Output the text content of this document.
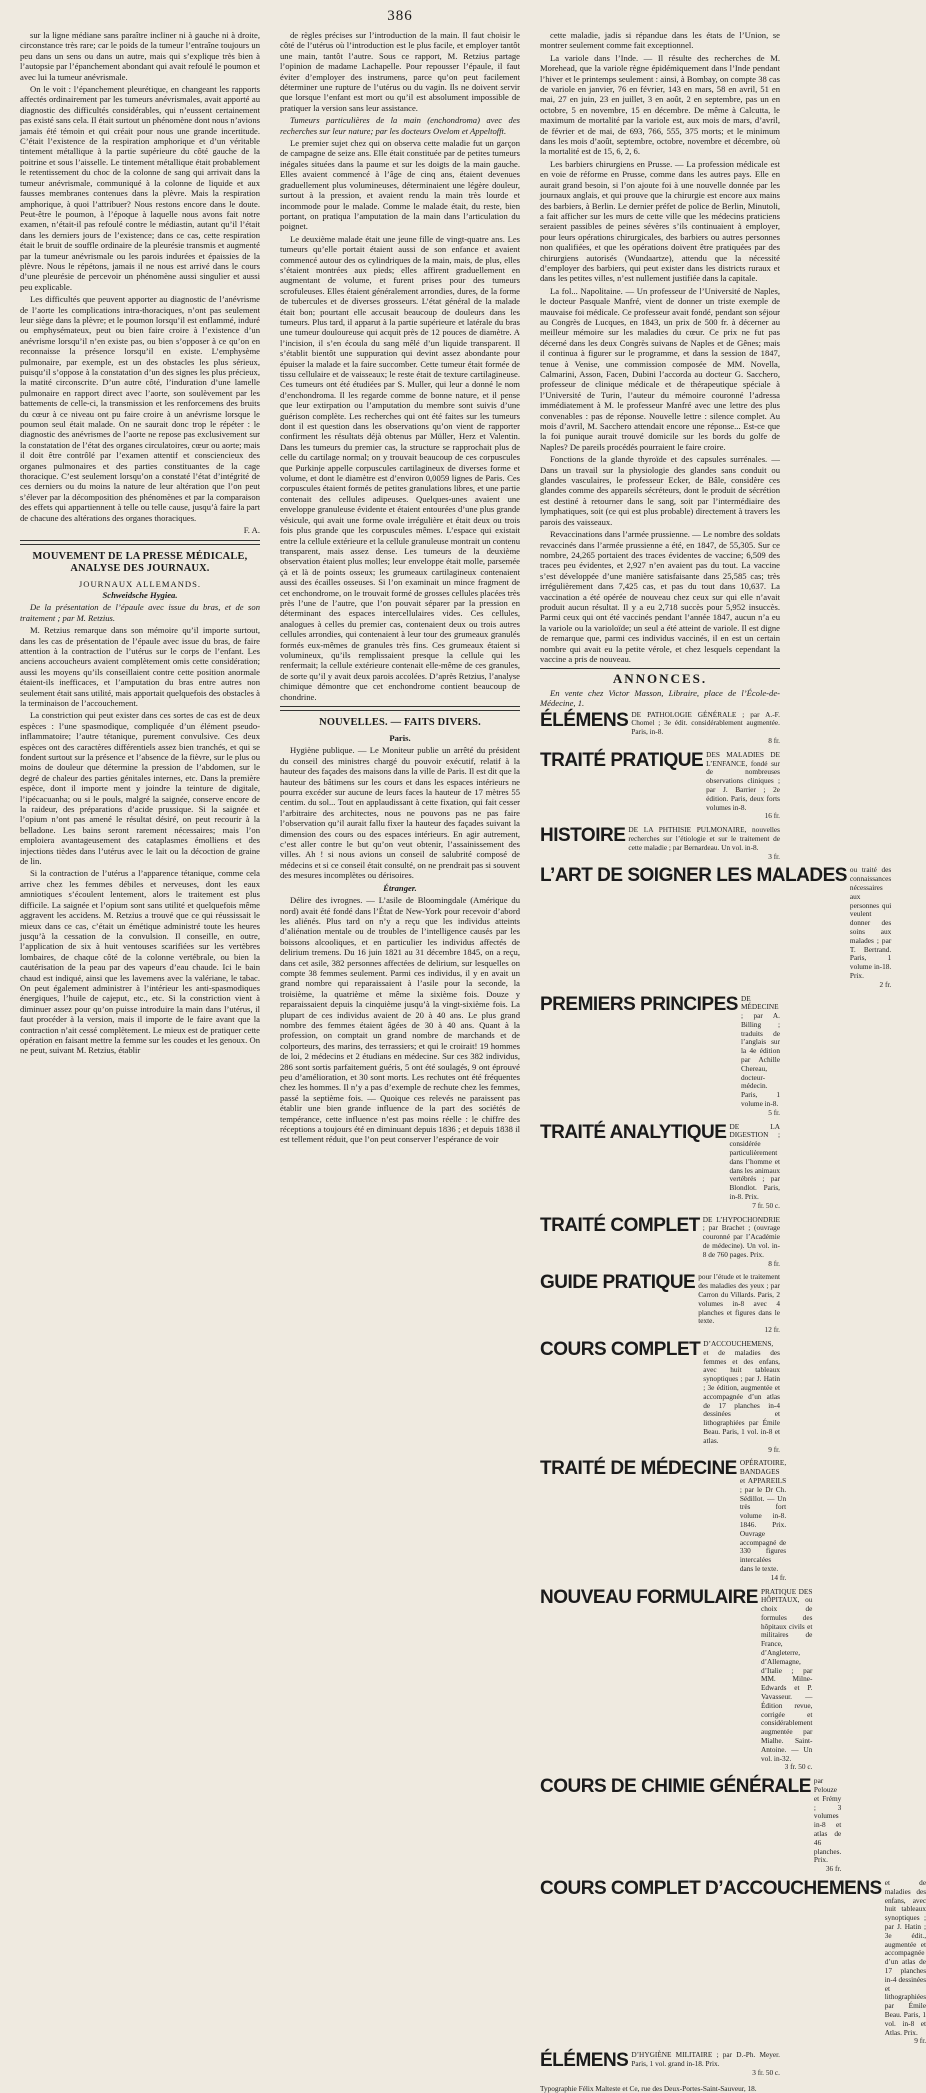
386

sur la ligne médiane sans paraître incliner ni à gauche ni à droite, circonstance très rare; car le poids de la tumeur l’entraîne toujours un peu dans un sens ou dans un autre, mais qui s’explique très bien à l’autopsie par l’épanchement abondant qui avait refoulé le poumon et avec lui la tumeur anévrismale.

On le voit : l’épanchement pleurétique, en changeant les rapports affectés ordinairement par les tumeurs anévrismales, avait apporté au diagnostic des difficultés considérables, qui n’eussent certainement pas existé sans cela. Il était surtout un phénomène dont nous n’avions jamais été témoin et qui créait pour nous une grande incertitude. C’était l’existence de la respiration amphorique et d’un véritable tintement métallique à la partie supérieure du côté gauche de la poitrine et sous l’aisselle. Le tintement métallique était probablement le retentissement du choc de la colonne de sang qui arrivait dans la tumeur anévrismale, communiqué à la colonne de liquide et aux fausses membranes contenues dans la plèvre. Mais la respiration amphorique, à quoi l’attribuer? Nous restons encore dans le doute. Peut-être le poumon, à l’époque à laquelle nous avons fait notre examen, n’était-il pas refoulé contre le médiastin, autant qu’il l’était dans les derniers jours de l’existence; dans ce cas, cette respiration était le bruit de souffle ordinaire de la pleurésie transmis et augmenté par la tumeur anévrismale ou les parois indurées et épaissies de la plèvre. Nous le répétons, jamais il ne nous est arrivé dans le cours d’une pleurésie de percevoir un phénomène aussi singulier et aussi peu explicable.

Les difficultés que peuvent apporter au diagnostic de l’anévrisme de l’aorte les complications intra-thoraciques, n’ont pas seulement leur siège dans la plèvre; et le poumon lorsqu’il est enflammé, induré ou emphysémateux, peut ou bien faire croire à l’existence d’un anévrisme lorsqu’il n’en existe pas, ou bien s’opposer à ce qu’on en reconnaisse la présence lorsqu’il en existe. L’emphysème pulmonaire, par exemple, est un des obstacles les plus sérieux, puisqu’il s’oppose à la constatation d’un des signes les plus précieux, la matité circonscrite. D’un autre côté, l’induration d’une lamelle pulmonaire en rapport direct avec l’aorte, son soulèvement par les battements de celle-ci, la transmission et les renforcemens des bruits du cœur à ce niveau ont pu faire croire à un anévrisme lorsque le poumon seul était malade. On ne saurait donc trop le répéter : le diagnostic des anévrismes de l’aorte ne repose pas exclusivement sur la constatation de l’état des organes circulatoires, cœur ou aorte; mais il doit être contrôlé par l’examen attentif et consciencieux des organes pulmonaires et des parties constituantes de la cage thoracique. C’est seulement lorsqu’on a constaté l’état d’intégrité de ces derniers ou du moins la nature de leur altération que l’on peut s’élever par la décomposition des phénomènes et par la comparaison des effets qui appartiennent à telle ou telle cause, jusqu’à faire la part de chacune des altérations des organes thoraciques.

F. A.
MOUVEMENT DE LA PRESSE MÉDICALE, ANALYSE DES JOURNAUX.
JOURNAUX ALLEMANDS.
Schweidsche Hygiea.

De la présentation de l’épaule avec issue du bras, et de son traitement ; par M. Retzius.

M. Retzius remarque dans son mémoire qu’il importe surtout, dans les cas de présentation de l’épaule avec issue du bras, de faire attention à la contraction de l’utérus sur le corps de l’enfant. Les anciens accoucheurs avaient complètement omis cette considération; aussi les moyens qu’ils conseillaient contre cette position anormale étaient-ils inefficaces, et l’amputation du bras entre autres non seulement était sans utilité, mais apportait quelquefois des obstacles à la terminaison de l’accouchement.

La constriction qui peut exister dans ces sortes de cas est de deux espèces : l’une spasmodique, compliquée d’un élément pseudo-inflammatoire; l’autre tétanique, purement convulsive. Ces deux espèces ont des caractères différentiels assez bien tranchés, et qui se fondent surtout sur la présence et l’absence de la fièvre, sur le plus ou moins de douleur que détermine la pression de l’abdomen, sur le degré de chaleur des parties génitales internes, etc. Dans la première espèce, dont il importe ment y joindre la teinture de digitale, l’ipécacuanha; ou si le pouls, malgré la saignée, conserve encore de la raideur, des préparations d’acide prussique. Si la saignée et l’opium n’ont pas amené le résultat désiré, on peut recourir à la belladone. Les bains seront rarement nécessaires; mais l’on emploiera avantageusement des cataplasmes émolliens et des injections tièdes dans l’utérus avec le lait ou la décoction de graine de lin.

Si la contraction de l’utérus a l’apparence tétanique, comme cela arrive chez les femmes débiles et nerveuses, dont les eaux amniotiques s’écoulent lentement, alors le traitement est plus difficile. La saignée et l’opium sont sans utilité et quelquefois même aggravent les accidens. M. Retzius a trouvé que ce qui réussissait le mieux dans ce cas, c’était un émétique administré toute les heures jusqu’à la cessation de la convulsion. Il conseille, en outre, l’application de six à huit ventouses scarifiées sur les vertèbres lombaires, de chaque côté de la colonne vertébrale, ou bien la cautérisation de la peau par des vapeurs d’eau chaude. Ici le bain chaud est indiqué, ainsi que les lavemens avec la valériane, le tabac. On peut également administrer à l’intérieur les anti-spasmodiques énergiques, l’huile de cajeput, etc., etc. Si la constriction vient à diminuer assez pour qu’on puisse introduire la main dans l’utérus, il faut procéder à la version, mais il importe de le faire avant que la contraction n’ait cessé complètement. Le mieux est de pratiquer cette opération en faisant mettre la femme sur les coudes et les genoux. On ne peut, suivant M. Retzius, établir

de règles précises sur l’introduction de la main. Il faut choisir le côté de l’utérus où l’introduction est le plus facile, et employer tantôt une main, tantôt l’autre. Sous ce rapport, M. Retzius partage l’opinion de madame Lachapelle. Pour repousser l’épaule, il faut éviter d’employer des instrumens, parce qu’on peut facilement déterminer une rupture de l’utérus ou du vagin. Ils ne doivent servir que lorsque l’enfant est mort ou qu’il est absolument impossible de pratiquer la version sans leur assistance.

Tumeurs particulières de la main (enchondroma) avec des recherches sur leur nature; par les docteurs Ovelom et Appeltofft.

Le premier sujet chez qui on observa cette maladie fut un garçon de campagne de seize ans. Elle était constituée par de petites tumeurs inégales situées dans la paume et sur les doigts de la main gauche. Elles avaient commencé à l’âge de cinq ans, étaient devenues graduellement plus volumineuses, déterminaient une légère douleur, surtout à la pression, et avaient rendu la main très lourde et incommode pour le malade. Comme le malade était, du reste, bien portant, on pratiqua l’amputation de la main dans l’articulation du poignet.

Le deuxième malade était une jeune fille de vingt-quatre ans. Les tumeurs qu’elle portait étaient aussi de son enfance et avaient commencé autour des os cylindriques de la main, mais, de plus, elles s’étaient montrées aux pieds; elles affirent graduellement en augmentant de volume, et furent prises pour des tumeurs scrofuleuses. Elles étaient généralement arrondies, dures, de la forme de tubercules et de diverses grosseurs. L’état général de la malade était bon; pourtant elle accusait beaucoup de douleurs dans les tumeurs. Plus tard, il apparut à la partie supérieure et latérale du bras une tumeur douloureuse qui acquit près de 12 pouces de diamètre. A l’incision, il s’en écoula du sang mêlé d’un liquide transparent. Il s’établit bientôt une suppuration qui devint assez abondante pour épuiser la malade et la faire succomber. Cette tumeur était formée de tissu cellulaire et de vaisseaux; le reste était de texture cartilagineuse. Ces tumeurs ont été étudiées par S. Muller, qui leur a donné le nom d’enchondroma. Il les regarde comme de bonne nature, et il pense que leur extirpation ou l’amputation du membre sont suivis d’une guérison complète. Les recherches qui ont été faites sur les tumeurs dont il est question dans les observations qu’on vient de rapporter confirment les résultats déjà obtenus par Müller, Herz et Valentin. Dans les tumeurs du premier cas, la structure se rapprochait plus de celle du cartilage normal; on y trouvait beaucoup de ces corpuscules que Purkinje appelle corpuscules cartilagineux de diverses forme et volume, et dont le diamètre est d’environ 0,0059 lignes de Paris. Ces corpuscules étaient formés de petites granulations libres, et une partie contenait des cellules adipeuses. Quelques-unes avaient une enveloppe granuleuse évidente et étaient entourées d’une plus grande vésicule, qui avait une forme ovale irrégulière et était deux ou trois fois plus grande que les corpuscules mêmes. L’espace qui existait entre la cellule extérieure et la cellule granuleuse montrait un contenu transparent, mais assez dense. Les tumeurs de la deuxième observation étaient plus molles; leur enveloppe était molle, parsemée çà et là de points osseux; les grumeaux cartilagineux contenaient aussi des écailles osseuses. Si l’on examinait un mince fragment de cet enchondrome, on le trouvait formé de grosses cellules placées très près l’une de l’autre, que l’on pouvait séparer par la pression en déterminant des espaces intercellulaires vides. Ces cellules, analogues à celles du premier cas, contenaient deux ou trois autres cellules arrondies, qui contenaient à leur tour des grumeaux granulés formés eux-mêmes de granules très fins. Ces grumeaux étaient si volumineux, qu’ils remplissaient presque la cellule qui les renfermait; la cellule extérieure contenait elle-même de ces granules, de sorte qu’il y avait deux parois accolées. D’après Retzius, l’analyse chimique démontre que cet enchondrome contient beaucoup de chondrine.

NOUVELLES. — FAITS DIVERS.
Paris.

Hygiène publique. — Le Moniteur publie un arrêté du président du conseil des ministres chargé du pouvoir exécutif, relatif à la hauteur des façades des maisons dans la ville de Paris. Il est dit que la hauteur des bâtimens sur les cours et dans les espaces intérieurs ne pourra excéder sur aucune de leurs faces la hauteur de 17 mètres 55 centim. du sol... Tout en applaudissant à cette fixation, qui fait cesser l’arbitraire des architectes, nous ne pouvons pas ne pas faire l’observation qu’il aurait fallu fixer la hauteur des façades suivant la dimension des cours ou des espaces intérieurs. En agir autrement, c’est aller contre le but qu’on veut obtenir, l’assainissement des villes. Ah ! si nous avions un conseil de salubrité composé de médecins et si ce conseil était consulté, on ne prendrait pas si souvent des mesures incomplètes ou dérisoires.

Étranger.

Délire des ivrognes. — L’asile de Bloomingdale (Amérique du nord) avait été fondé dans l’État de New-York pour recevoir d’abord les aliénés. Plus tard on n’y a reçu que les individus atteints d’aliénation mentale ou de troubles de l’intelligence causés par les boissons alcooliques, et en particulier les individus affectés de delirium tremens. Du 16 juin 1821 au 31 décembre 1845, on a reçu, dans cet asile, 382 personnes affectées de delirium, sur lesquelles on compte 38 femmes seulement. Parmi ces individus, il y en avait un grand nombre qui reparaissaient à l’asile pour la seconde, la troisième, la quatrième et même la sixième fois. Douze y reparaissaient depuis la cinquième jusqu’à la vingt-sixième fois. La plupart de ces individus avaient de 20 à 40 ans. Le plus grand nombre des femmes étaient âgées de 30 à 40 ans. Quant à la profession, on comptait un grand nombre de marchands et de colporteurs, des marins, des terrassiers; et qui le croirait! 19 hommes de loi, 2 médecins et 2 étudians en médecine. Sur ces 382 individus, 286 sont sortis parfaitement guéris, 5 ont été soulagés, 9 ont éprouvé peu d’amélioration, et 30 sont morts. Les rechutes ont été fréquentes chez les hommes. Il n’y a pas d’exemple de rechute chez les femmes, passé la septième fois. — Quoique ces relevés ne paraissent pas établir une bien grande influence de la part des sociétés de tempérance, cette influence n’est pas moins réelle : le chiffre des réceptions a toujours été en diminuant depuis 1836 ; et depuis 1838 il est tellement réduit, que l’on peut conserver l’espérance de voir

cette maladie, jadis si répandue dans les états de l’Union, se montrer seulement comme fait exceptionnel.

La variole dans l’Inde. — Il résulte des recherches de M. Morehead, que la variole règne épidémiquement dans l’Inde pendant l’hiver et le printemps seulement : ainsi, à Bombay, on compte 38 cas de variole en janvier, 76 en février, 143 en mars, 58 en avril, 51 en mai, 27 en juin, 23 en juillet, 3 en août, 2 en septembre, pas un en octobre, 5 en novembre, 15 en décembre. De même à Calcutta, le maximum de mortalité par la variole est, aux mois de mars, d’avril, de février et de mai, de 693, 766, 555, 375 morts; et le minimum dans les mois d’août, septembre, octobre, novembre et décembre, où la mortalité est de 15, 6, 2, 6.

Les barbiers chirurgiens en Prusse. — La profession médicale est en voie de réforme en Prusse, comme dans les autres pays. Elle en aurait grand besoin, si l’on ajoute foi à une nouvelle donnée par les journaux anglais, et qui prouve que la chirurgie est encore aux mains des barbiers, à Berlin. Le dernier préfet de police de Berlin, Minutoli, a fait afficher sur les murs de cette ville que les médecins praticiens seraient passibles de peines sévères s’ils continuaient à employer, pour leurs opérations chirurgicales, des barbiers ou autres personnes non qualifiées, et que les opérations doivent être pratiquées par des chirurgiens autorisés (Wundaartze), attendu que la nécessité d’employer des barbiers, qui peut exister dans les districts ruraux et dans les petites villes, n’est nullement justifiée dans la capitale.

La fol... Napolitaine. — Un professeur de l’Université de Naples, le docteur Pasquale Manfré, vient de donner un triste exemple de mauvaise foi médicale. Ce professeur avait fondé, pendant son séjour au Congrès de Lucques, en 1843, un prix de 500 fr. à décerner au meilleur mémoire sur les maladies du cœur. Ce prix ne fut pas décerné dans les deux Congrès suivans de Naples et de Gênes; mais il continua à figurer sur le programme, et dans la session de 1847, tenue à Venise, une commission composée de MM. Novella, Calmarini, Asson, Facen, Dubini l’accorda au docteur G. Sacchero, professeur de clinique médicale et de thérapeutique spéciale à l’Université de Turin, l’auteur du mémoire couronné l’adressa immédiatement à M. le professeur Manfré avec une lettre des plus convenables : pas de réponse. Nouvelle lettre : silence complet. Au mois d’avril, M. Sacchero attendait encore une réponse... Est-ce que la foi punique aurait trouvé domicile sur les bords du golfe de Naples? De pareils procédés pourraient le faire croire.

Fonctions de la glande thyroïde et des capsules surrénales. — Dans un travail sur la physiologie des glandes sans conduit ou glandes vasculaires, le professeur Ecker, de Bâle, considère ces glandes comme des appareils sécréteurs, dont le produit de sécrétion est destiné à retourner dans le sang, soit par l’intermédiaire des lymphatiques, soit (ce qui est plus probable) directement à travers les parois des vaisseaux.

Revaccinations dans l’armée prussienne. — Le nombre des soldats revaccinés dans l’armée prussienne a été, en 1847, de 55,305. Sur ce nombre, 24,265 portaient des traces évidentes de vaccine; 6,509 des traces peu évidentes, et 2,927 n’en avaient pas du tout. La vaccine s’est développée d’une manière satisfaisante dans 25,585 cas; très irrégulièrement dans 7,425 cas, et pas du tout dans 10,637. La vaccination a été opérée de nouveau chez ceux sur qui elle n’avait produit aucun résultat. Il y a eu 2,718 succès pour 5,952 insuccès. Parmi ceux qui ont été vaccinés pendant l’année 1847, aucun n’a eu la variole ou la varioloïde; un seul a été atteint de variole. Il est digne de remarque que, parmi ces individus vaccinés, il en est un certain nombre qui avait eu la petite vérole, et chez lesquels cependant la vaccine a pris de nouveau.

ANNONCES.

En vente chez Victor Masson, Libraire, place de l’École-de-Médecine, 1.

ÉLÉMENS DE PATHOLOGIE GÉNÉRALE ; par A.-F. Chomel ; 3e édit. considérablement augmentée. Paris, in-8.
8 fr.
TRAITÉ PRATIQUE DES MALADIES DE L’ENFANCE, fondé sur de nombreuses observations cliniques ; par J. Barrier ; 2e édition. Paris, deux forts volumes in-8.
16 fr.
HISTOIRE DE LA PHTHISIE PULMONAIRE, nouvelles recherches sur l’étiologie et sur le traitement de cette maladie ; par Bernardeau. Un vol. in-8.
3 fr.
L’ART DE SOIGNER LES MALADES ou traité des connaissances nécessaires aux personnes qui veulent donner des soins aux malades ; par T. Bertrand. Paris, 1 volume in-18. Prix.
2 fr.
PREMIERS PRINCIPES DE MÉDECINE ; par A. Billing ; traduits de l’anglais sur la 4e édition par Achille Chereau, docteur-médecin. Paris, 1 volume in-8.
5 fr.
TRAITÉ ANALYTIQUE DE LA DIGESTION ; considérée particulièrement dans l’homme et dans les animaux vertébrés ; par Blondlot. Paris, in-8. Prix.
7 fr. 50 c.
TRAITÉ COMPLET DE L’HYPOCHONDRIE ; par Brachet ; (ouvrage couronné par l’Académie de médecine). Un vol. in-8 de 760 pages. Prix.
8 fr.
GUIDE PRATIQUE pour l’étude et le traitement des maladies des yeux ; par Carron du Villards. Paris, 2 volumes in-8 avec 4 planches et figures dans le texte.
12 fr.
COURS COMPLET D’ACCOUCHEMENS, et de maladies des femmes et des enfans, avec huit tableaux synoptiques ; par J. Hatin ; 3e édition, augmentée et accompagnée d’un atlas de 17 planches in-4 dessinées et lithographiées par Émile Beau. Paris, 1 vol. in-8 et atlas.
9 fr.
TRAITÉ DE MÉDECINE OPÉRATOIRE, BANDAGES et APPAREILS ; par le Dr Ch. Sédillot. — Un très fort volume in-8. 1846. Prix. Ouvrage accompagné de 330 figures intercalées dans le texte.
14 fr.
NOUVEAU FORMULAIRE PRATIQUE DES HÔPITAUX, ou choix de formules des hôpitaux civils et militaires de France, d’Angleterre, d’Allemagne, d’Italie ; par MM. Milne-Edwards et P. Vavasseur. — Édition revue, corrigée et considérablement augmentée par Mialhe. Saint-Antoine. — Un vol. in-32.
3 fr. 50 c.
COURS DE CHIMIE GÉNÉRALE par Pelouze et Frémy ; 3 volumes in-8 et atlas de 46 planches. Prix.
36 fr.
COURS COMPLET D’ACCOUCHEMENS et de maladies des enfans, avec huit tableaux synoptiques ; par J. Hatin ; 3e édit., augmentée et accompagnée d’un atlas de 17 planches in-4 dessinées et lithographiées par Émile Beau. Paris, 1 vol. in-8 et Atlas. Prix.
9 fr.
ÉLÉMENS D’HYGIÈNE MILITAIRE ; par D.-Ph. Meyer. Paris, 1 vol. grand in-18. Prix.
3 fr. 50 c.
Typographie Félix Malteste et Ce, rue des Deux-Portes-Saint-Sauveur, 18.
